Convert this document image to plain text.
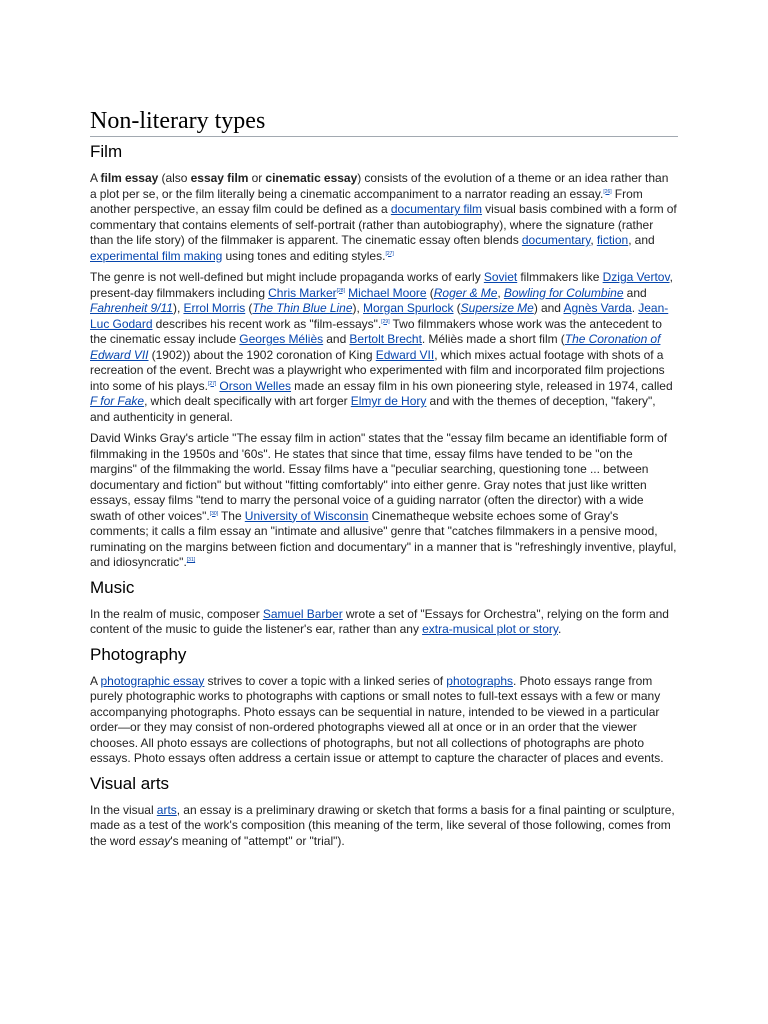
Non-literary types
Film

A film essay (also essay film or cinematic essay) consists of the evolution of a theme or an idea rather than a plot per se, or the film literally being a cinematic accompaniment to a narrator reading an essay.[26] From another perspective, an essay film could be defined as a documentary film visual basis combined with a form of commentary that contains elements of self-portrait (rather than autobiography), where the signature (rather than the life story) of the filmmaker is apparent. The cinematic essay often blends documentary, fiction, and experimental film making using tones and editing styles.[27]

The genre is not well-defined but might include propaganda works of early Soviet filmmakers like Dziga Vertov, present-day filmmakers including Chris Marker[28] Michael Moore (Roger & Me, Bowling for Columbine and Fahrenheit 9/11), Errol Morris (The Thin Blue Line), Morgan Spurlock (Supersize Me) and Agnès Varda. Jean-Luc Godard describes his recent work as "film-essays".[29] Two filmmakers whose work was the antecedent to the cinematic essay include Georges Méliès and Bertolt Brecht. Méliès made a short film (The Coronation of Edward VII (1902)) about the 1902 coronation of King Edward VII, which mixes actual footage with shots of a recreation of the event. Brecht was a playwright who experimented with film and incorporated film projections into some of his plays.[27] Orson Welles made an essay film in his own pioneering style, released in 1974, called F for Fake, which dealt specifically with art forger Elmyr de Hory and with the themes of deception, "fakery", and authenticity in general.

David Winks Gray's article "The essay film in action" states that the "essay film became an identifiable form of filmmaking in the 1950s and '60s". He states that since that time, essay films have tended to be "on the margins" of the filmmaking the world. Essay films have a "peculiar searching, questioning tone ... between documentary and fiction" but without "fitting comfortably" into either genre. Gray notes that just like written essays, essay films "tend to marry the personal voice of a guiding narrator (often the director) with a wide swath of other voices".[30] The University of Wisconsin Cinematheque website echoes some of Gray's comments; it calls a film essay an "intimate and allusive" genre that "catches filmmakers in a pensive mood, ruminating on the margins between fiction and documentary" in a manner that is "refreshingly inventive, playful, and idiosyncratic".[31]

Music

In the realm of music, composer Samuel Barber wrote a set of "Essays for Orchestra", relying on the form and content of the music to guide the listener's ear, rather than any extra-musical plot or story.

Photography

A photographic essay strives to cover a topic with a linked series of photographs. Photo essays range from purely photographic works to photographs with captions or small notes to full-text essays with a few or many accompanying photographs. Photo essays can be sequential in nature, intended to be viewed in a particular order—or they may consist of non-ordered photographs viewed all at once or in an order that the viewer chooses. All photo essays are collections of photographs, but not all collections of photographs are photo essays. Photo essays often address a certain issue or attempt to capture the character of places and events.

Visual arts

In the visual arts, an essay is a preliminary drawing or sketch that forms a basis for a final painting or sculpture, made as a test of the work's composition (this meaning of the term, like several of those following, comes from the word essay's meaning of "attempt" or "trial").
